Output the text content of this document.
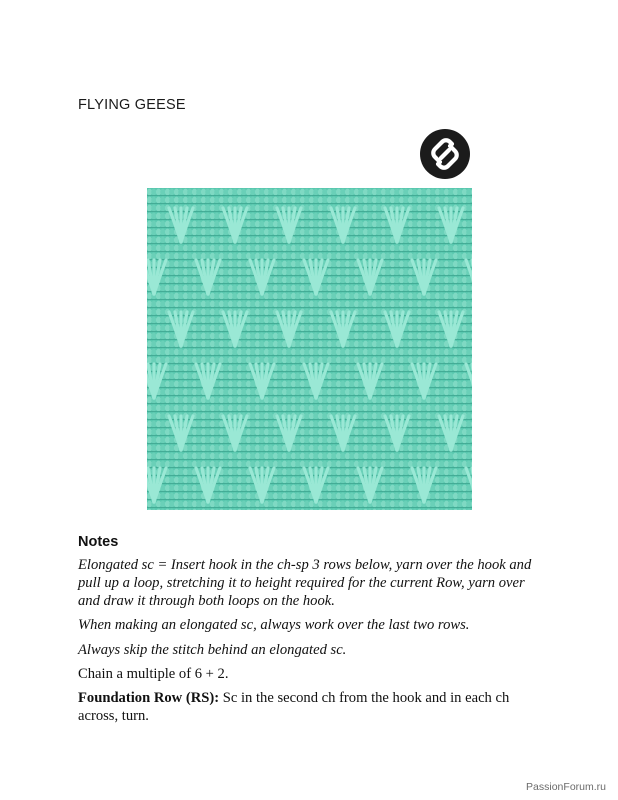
FLYING GEESE
Notes
Elongated sc = Insert hook in the ch-sp 3 rows below, yarn over the hook and pull up a loop, stretching it to height required for the current Row, yarn over and draw it through both loops on the hook.
When making an elongated sc, always work over the last two rows.
Always skip the stitch behind an elongated sc.
Chain a multiple of 6 + 2.
Foundation Row (RS): Sc in the second ch from the hook and in each ch across, turn.
PassionForum.ru
